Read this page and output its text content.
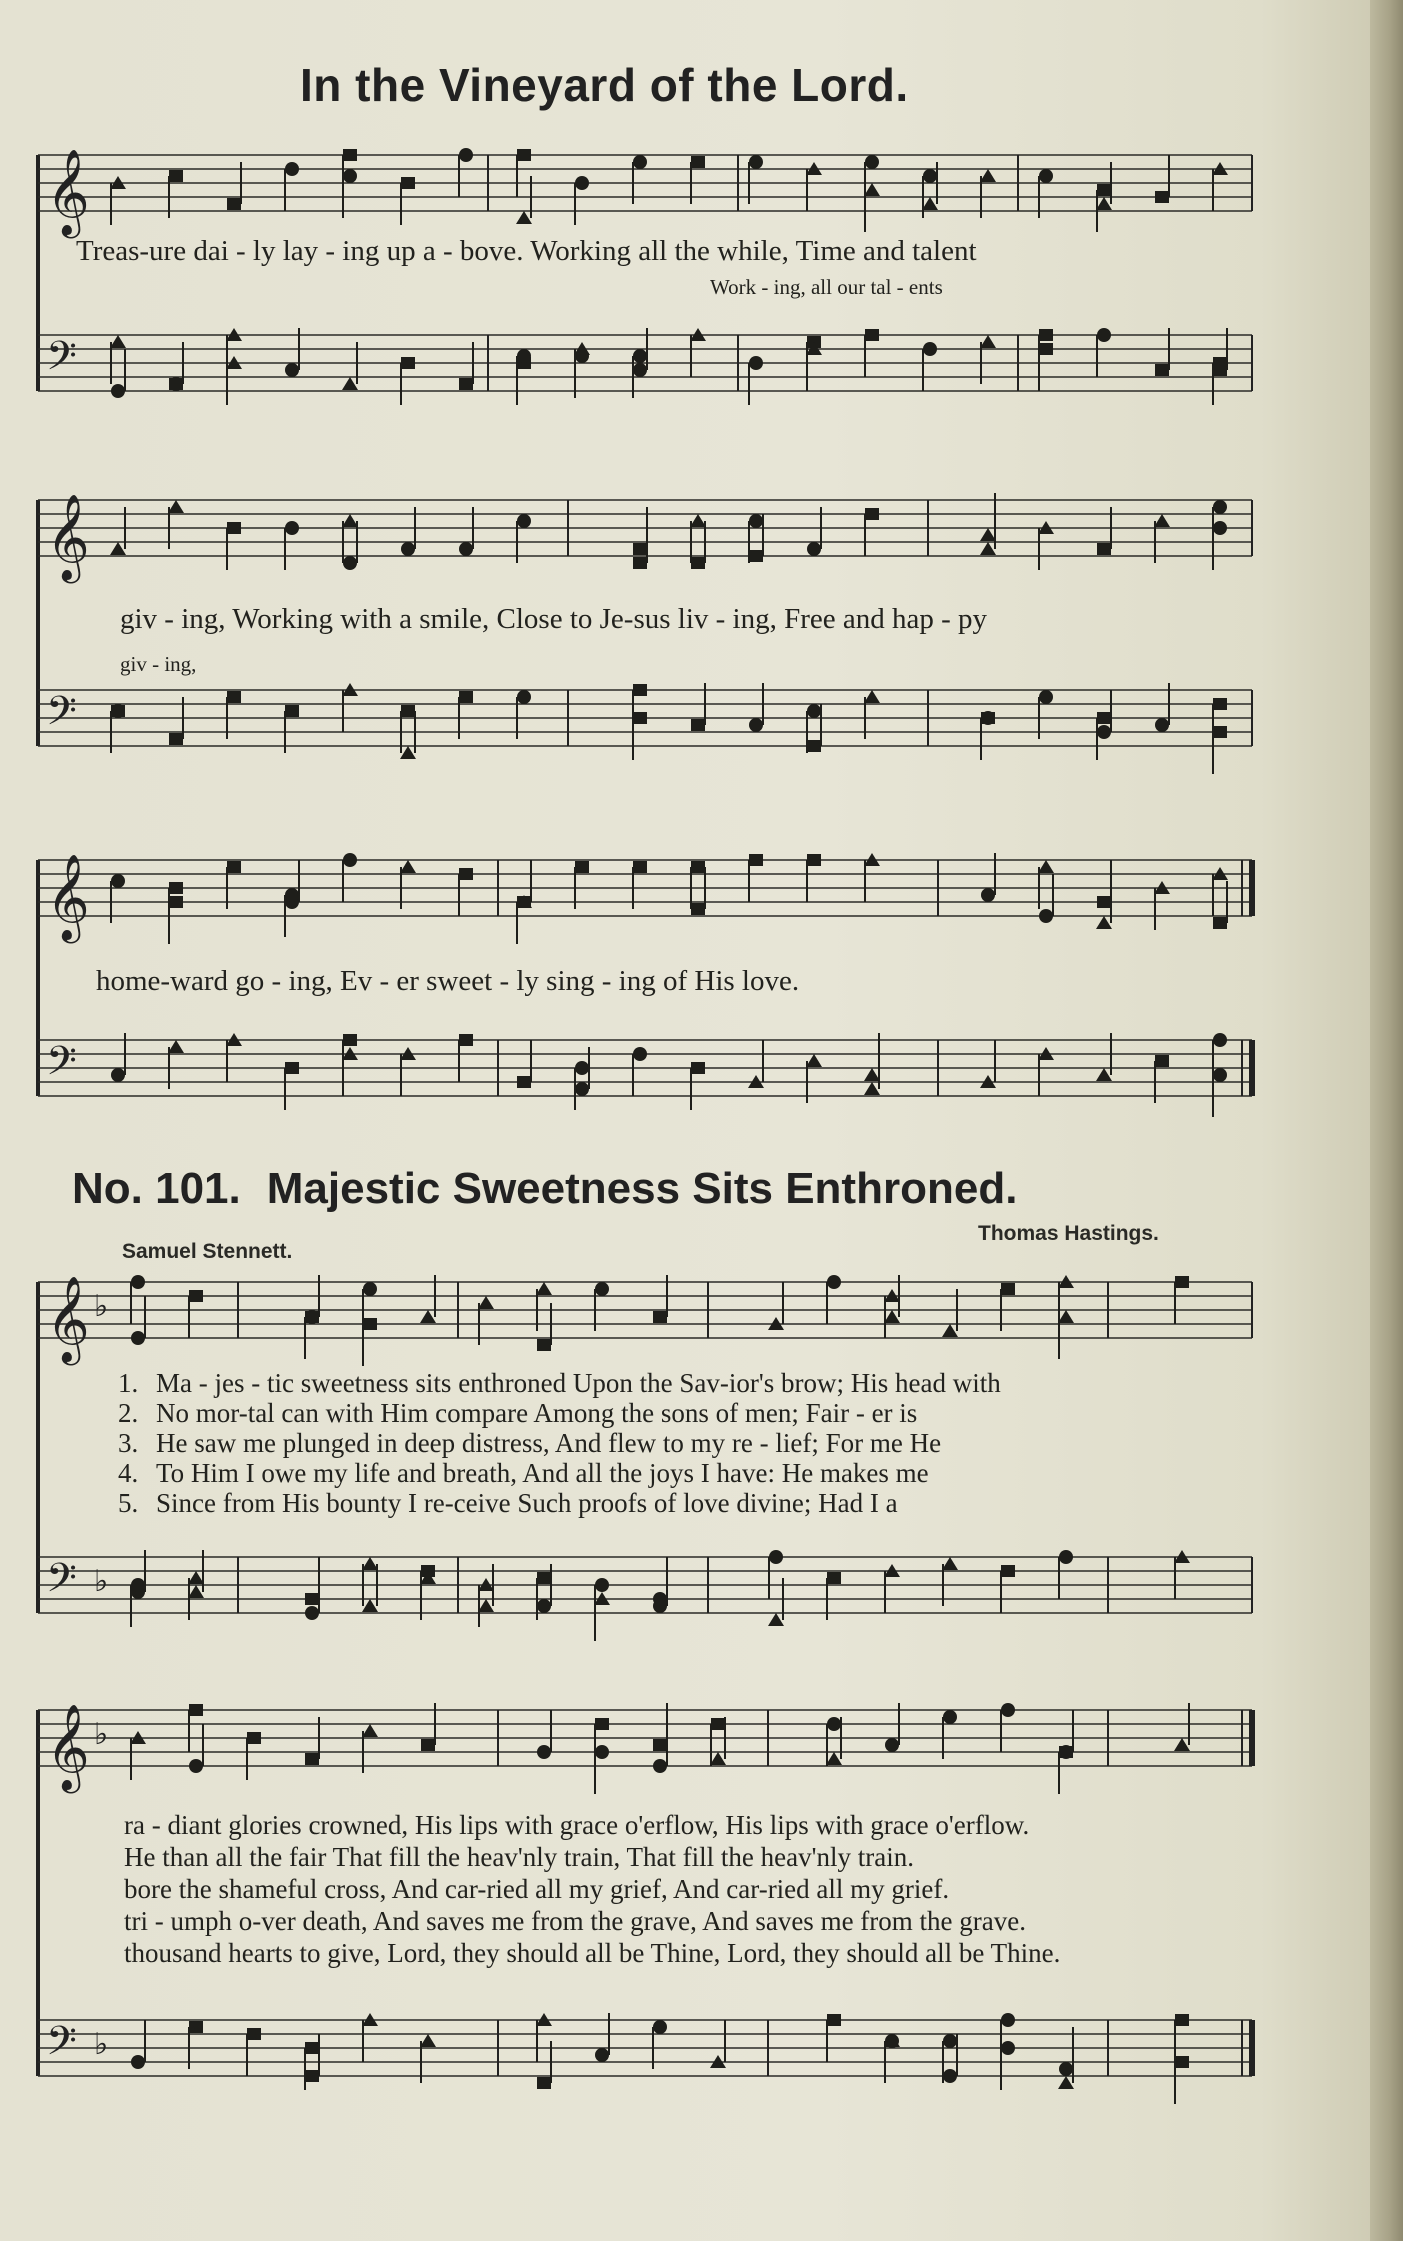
In the Vineyard of the Lord.
𝄞
𝄢
Treas-ure dai - ly lay - ing up a - bove. Working all the while, Time and talent
Work - ing, all our tal - ents
𝄞
𝄢
giv - ing, Working with a smile, Close to Je-sus liv - ing, Free and hap - py
giv - ing,
𝄞
𝄢
home-ward go - ing, Ev - er sweet - ly sing - ing of His love.
No. 101. Majestic Sweetness Sits Enthroned.
Thomas Hastings.
Samuel Stennett.
𝄞 ♭
𝄢 ♭
1. Ma - jes - tic sweetness sits enthroned Upon the Sav-ior's brow; His head with
2. No mor-tal can with Him compare Among the sons of men; Fair - er is
3. He saw me plunged in deep distress, And flew to my re - lief; For me He
4. To Him I owe my life and breath, And all the joys I have: He makes me
5. Since from His bounty I re-ceive Such proofs of love divine; Had I a
𝄞 ♭
𝄢 ♭
ra - diant glories crowned, His lips with grace o'erflow, His lips with grace o'erflow.
He than all the fair That fill the heav'nly train, That fill the heav'nly train.
bore the shameful cross, And car-ried all my grief, And car-ried all my grief.
tri - umph o-ver death, And saves me from the grave, And saves me from the grave.
thousand hearts to give, Lord, they should all be Thine, Lord, they should all be Thine.
